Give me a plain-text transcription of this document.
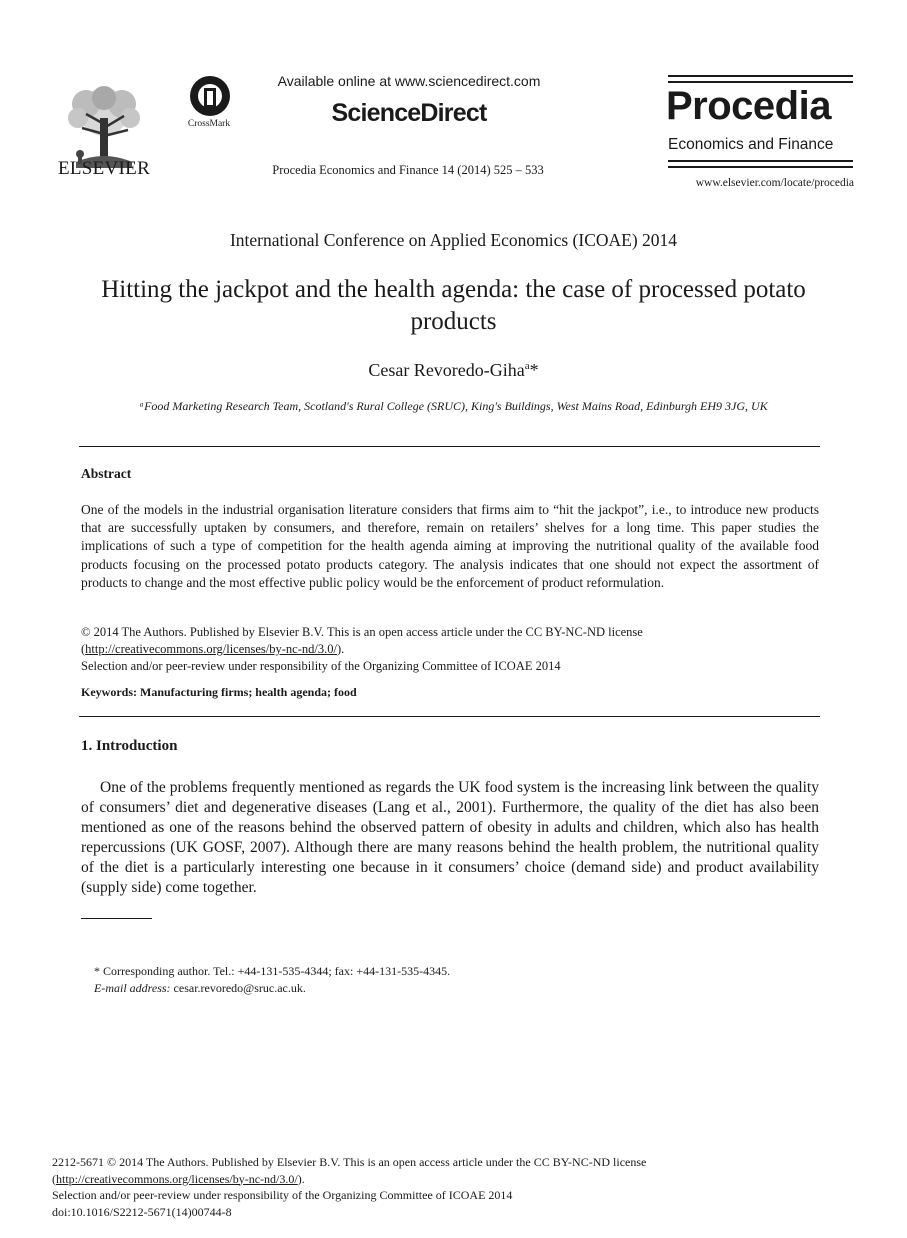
ELSEVIER
CrossMark
Available online at www.sciencedirect.com
ScienceDirect
Procedia Economics and Finance 14 (2014) 525 – 533
Procedia
Economics and Finance
www.elsevier.com/locate/procedia
International Conference on Applied Economics (ICOAE) 2014
Hitting the jackpot and the health agenda: the case of processed potato products
Cesar Revoredo-Giha$^a$*
ᵃFood Marketing Research Team, Scotland's Rural College (SRUC), King's Buildings, West Mains Road, Edinburgh EH9 3JG, UK
Abstract
One of the models in the industrial organisation literature considers that firms aim to “hit the jackpot”, i.e., to introduce new products that are successfully uptaken by consumers, and therefore, remain on retailers’ shelves for a long time. This paper studies the implications of such a type of competition for the health agenda aiming at improving the nutritional quality of the available food products focusing on the processed potato products category. The analysis indicates that one should not expect the assortment of products to change and the most effective public policy would be the enforcement of product reformulation.
© 2014 The Authors. Published by Elsevier B.V. This is an open access article under the CC BY-NC-ND license
(http://creativecommons.org/licenses/by-nc-nd/3.0/).
Selection and/or peer-review under responsibility of the Organizing Committee of ICOAE 2014
Keywords: Manufacturing firms; health agenda; food
1. Introduction
One of the problems frequently mentioned as regards the UK food system is the increasing link between the quality of consumers’ diet and degenerative diseases (Lang et al., 2001). Furthermore, the quality of the diet has also been mentioned as one of the reasons behind the observed pattern of obesity in adults and children, which also has health repercussions (UK GOSF, 2007). Although there are many reasons behind the health problem, the nutritional quality of the diet is a particularly interesting one because in it consumers’ choice (demand side) and product availability (supply side) come together.
* Corresponding author. Tel.: +44-131-535-4344; fax: +44-131-535-4345.
E-mail address: cesar.revoredo@sruc.ac.uk.
2212-5671 © 2014 The Authors. Published by Elsevier B.V. This is an open access article under the CC BY-NC-ND license
(http://creativecommons.org/licenses/by-nc-nd/3.0/).
Selection and/or peer-review under responsibility of the Organizing Committee of ICOAE 2014
doi:10.1016/S2212-5671(14)00744-8
